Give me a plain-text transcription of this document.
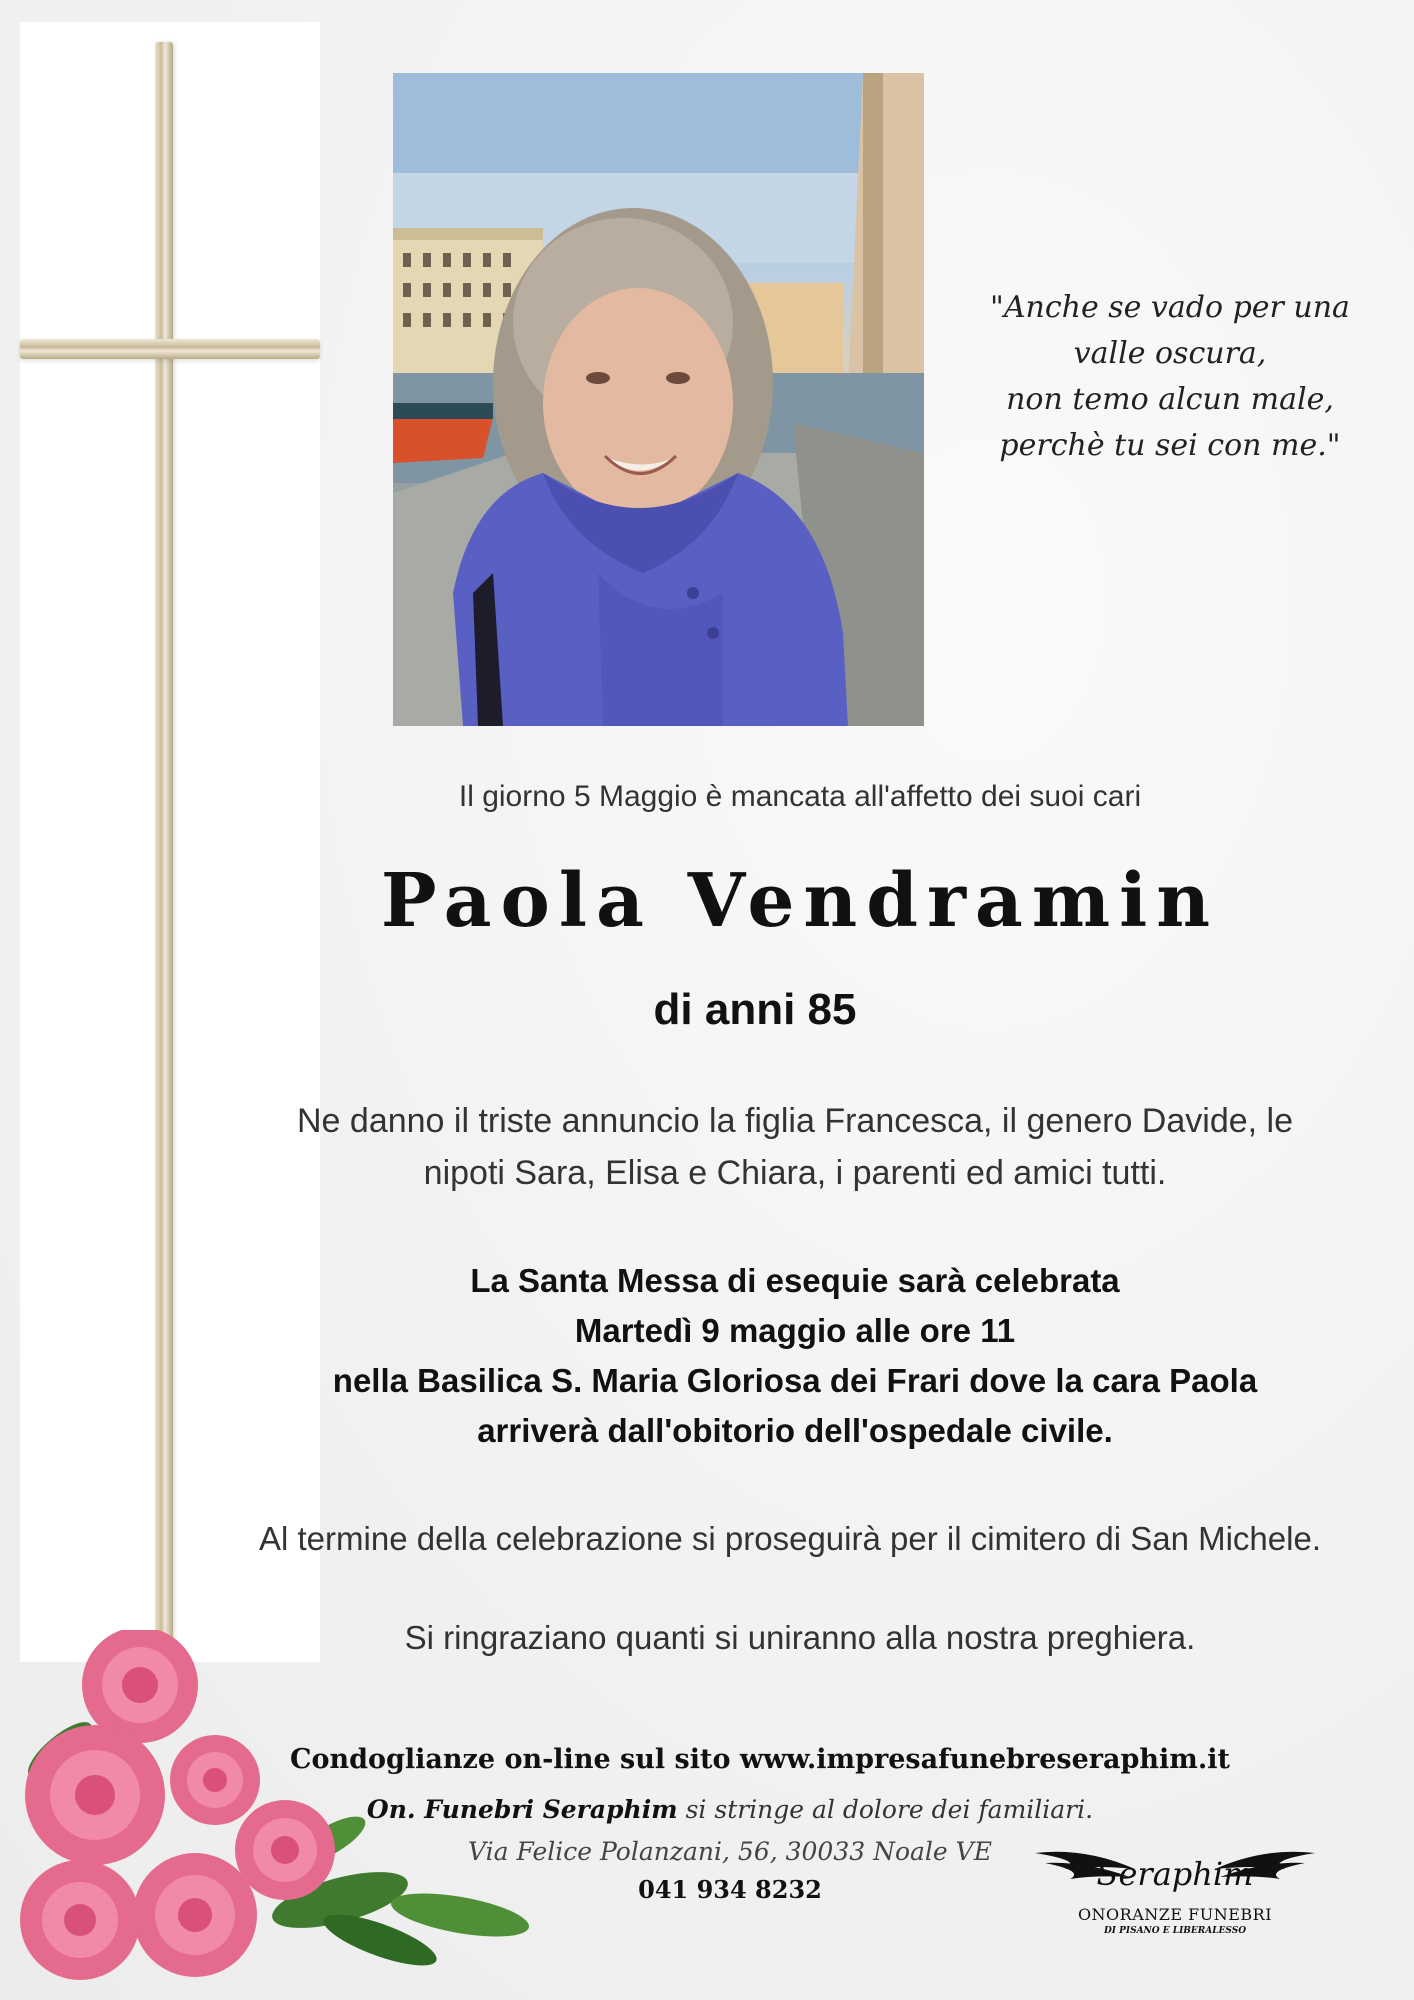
"Anche se vado per una
valle oscura,
non temo alcun male,
perchè tu sei con me."
Il giorno 5 Maggio è mancata all'affetto dei suoi cari
Paola Vendramin
di anni 85
Ne danno il triste annuncio la figlia Francesca, il genero Davide, le
nipoti Sara, Elisa e Chiara, i parenti ed amici tutti.
La Santa Messa di esequie sarà celebrata
Martedì 9 maggio alle ore 11
nella Basilica S. Maria Gloriosa dei Frari dove la cara Paola
arriverà dall'obitorio dell'ospedale civile.
Al termine della celebrazione si proseguirà per il cimitero di San Michele.
Si ringraziano quanti si uniranno alla nostra preghiera.
Condoglianze on-line sul sito www.impresafunebreseraphim.it
On. Funebri Seraphim si stringe al dolore dei familiari.
Via Felice Polanzani, 56, 30033 Noale VE
041 934 8232	Seraphim
ONORANZE FUNEBRI
DI PISANO E LIBERALESSO
